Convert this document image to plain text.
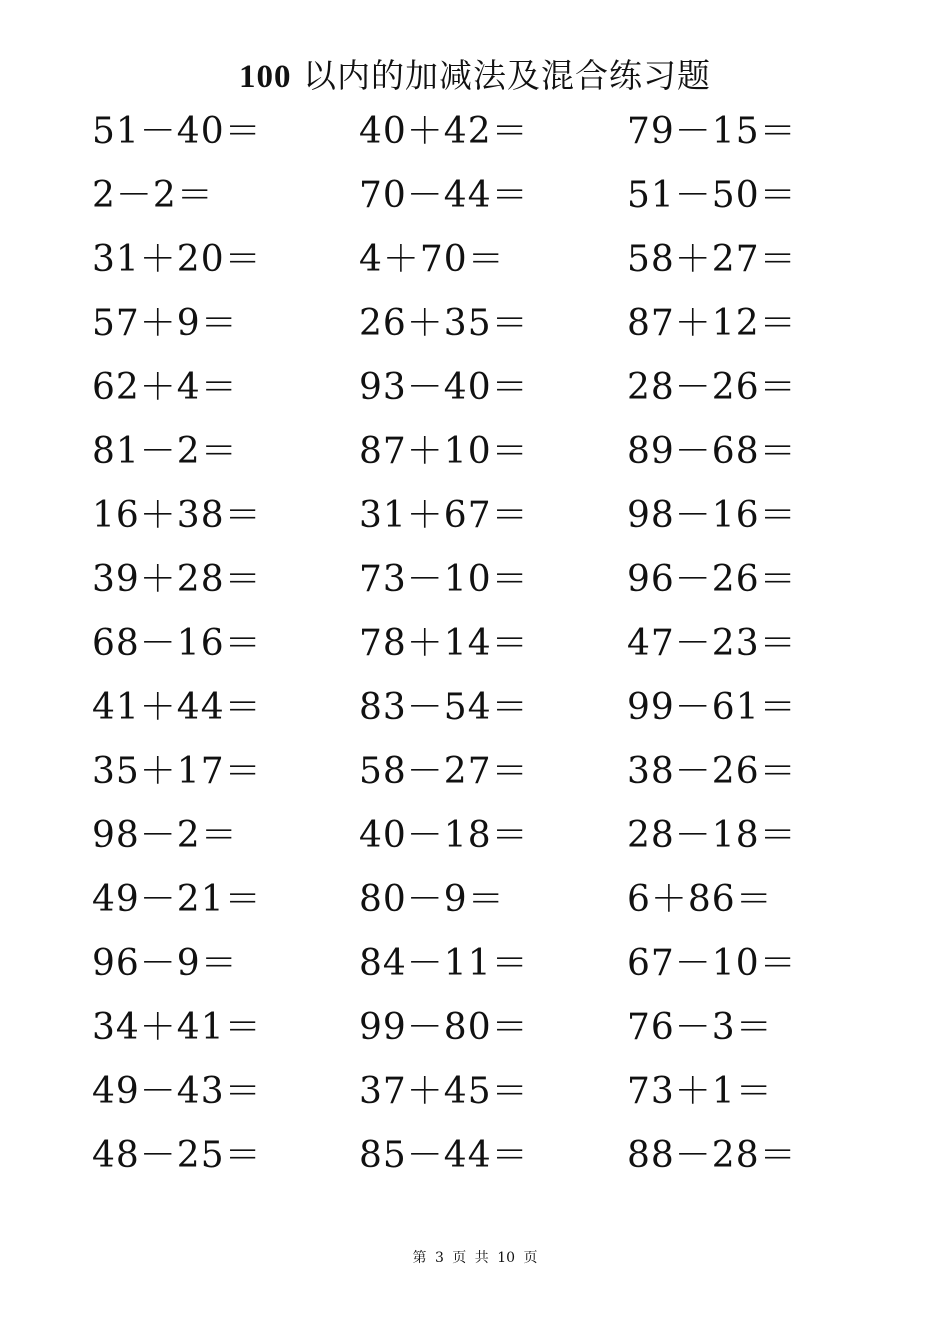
100 以内的加减法及混合练习题
51－40＝	40＋42＝	79－15＝
2－2＝	70－44＝	51－50＝
31＋20＝	4＋70＝	58＋27＝
57＋9＝	26＋35＝	87＋12＝
62＋4＝	93－40＝	28－26＝
81－2＝	87＋10＝	89－68＝
16＋38＝	31＋67＝	98－16＝
39＋28＝	73－10＝	96－26＝
68－16＝	78＋14＝	47－23＝
41＋44＝	83－54＝	99－61＝
35＋17＝	58－27＝	38－26＝
98－2＝	40－18＝	28－18＝
49－21＝	80－9＝	6＋86＝
96－9＝	84－11＝	67－10＝
34＋41＝	99－80＝	76－3＝
49－43＝	37＋45＝	73＋1＝
48－25＝	85－44＝	88－28＝
第 3 页 共 10 页
